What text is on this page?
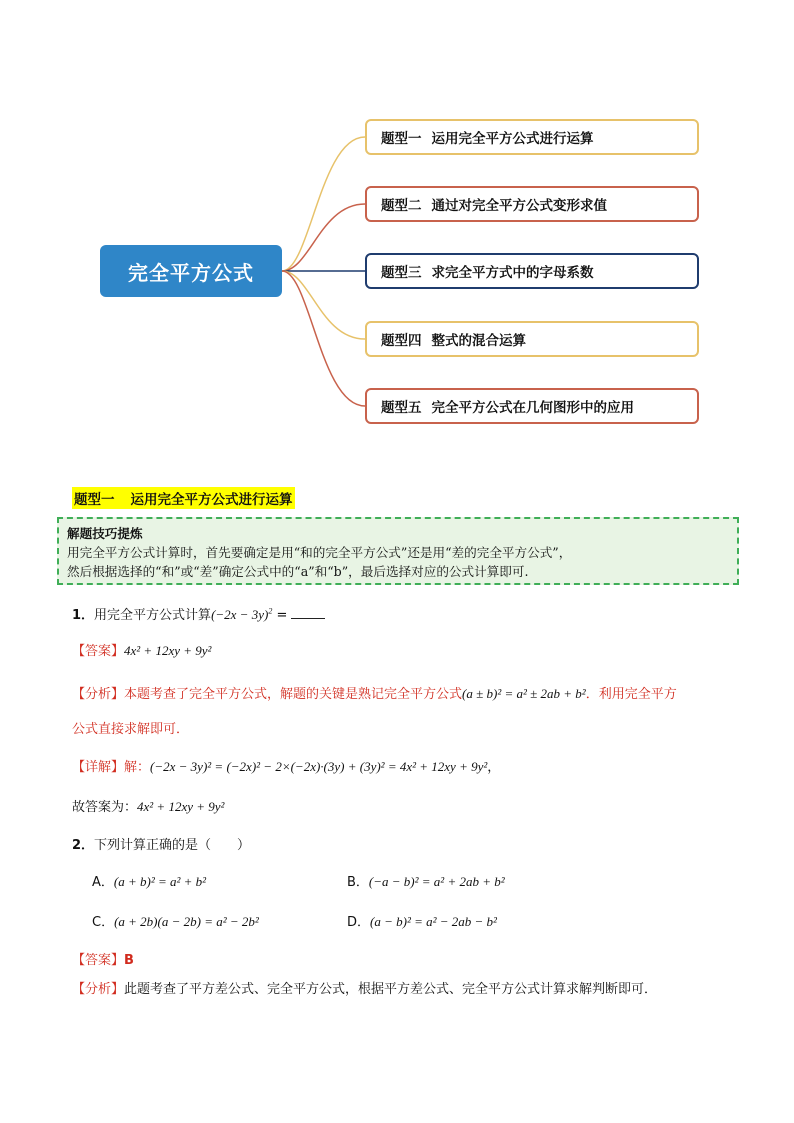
完全平方公式
题型一 运用完全平方公式进行运算
题型二 通过对完全平方公式变形求值
题型三 求完全平方式中的字母系数
题型四 整式的混合运算
题型五 完全平方公式在几何图形中的应用
题型一 运用完全平方公式进行运算
解题技巧提炼
用完全平方公式计算时，首先要确定是用“和的完全平方公式”还是用“差的完全平方公式”，
然后根据选择的“和”或“差”确定公式中的“a”和“b”，最后选择对应的公式计算即可.
1．用完全平方公式计算$(-2x - 3y)^2$ =
【答案】4x² + 12xy + 9y²
【分析】本题考查了完全平方公式，解题的关键是熟记完全平方公式(a ± b)² = a² ± 2ab + b²．利用完全平方
公式直接求解即可．
【详解】解：(−2x − 3y)² = (−2x)² − 2×(−2x)·(3y) + (3y)² = 4x² + 12xy + 9y²，
故答案为：4x² + 12xy + 9y²
2．下列计算正确的是（　　）
A．(a + b)² = a² + b²	B．(−a − b)² = a² + 2ab + b²
C．(a + 2b)(a − 2b) = a² − 2b²	D．(a − b)² = a² − 2ab − b²
【答案】B
【分析】此题考查了平方差公式、完全平方公式，根据平方差公式、完全平方公式计算求解判断即可．
